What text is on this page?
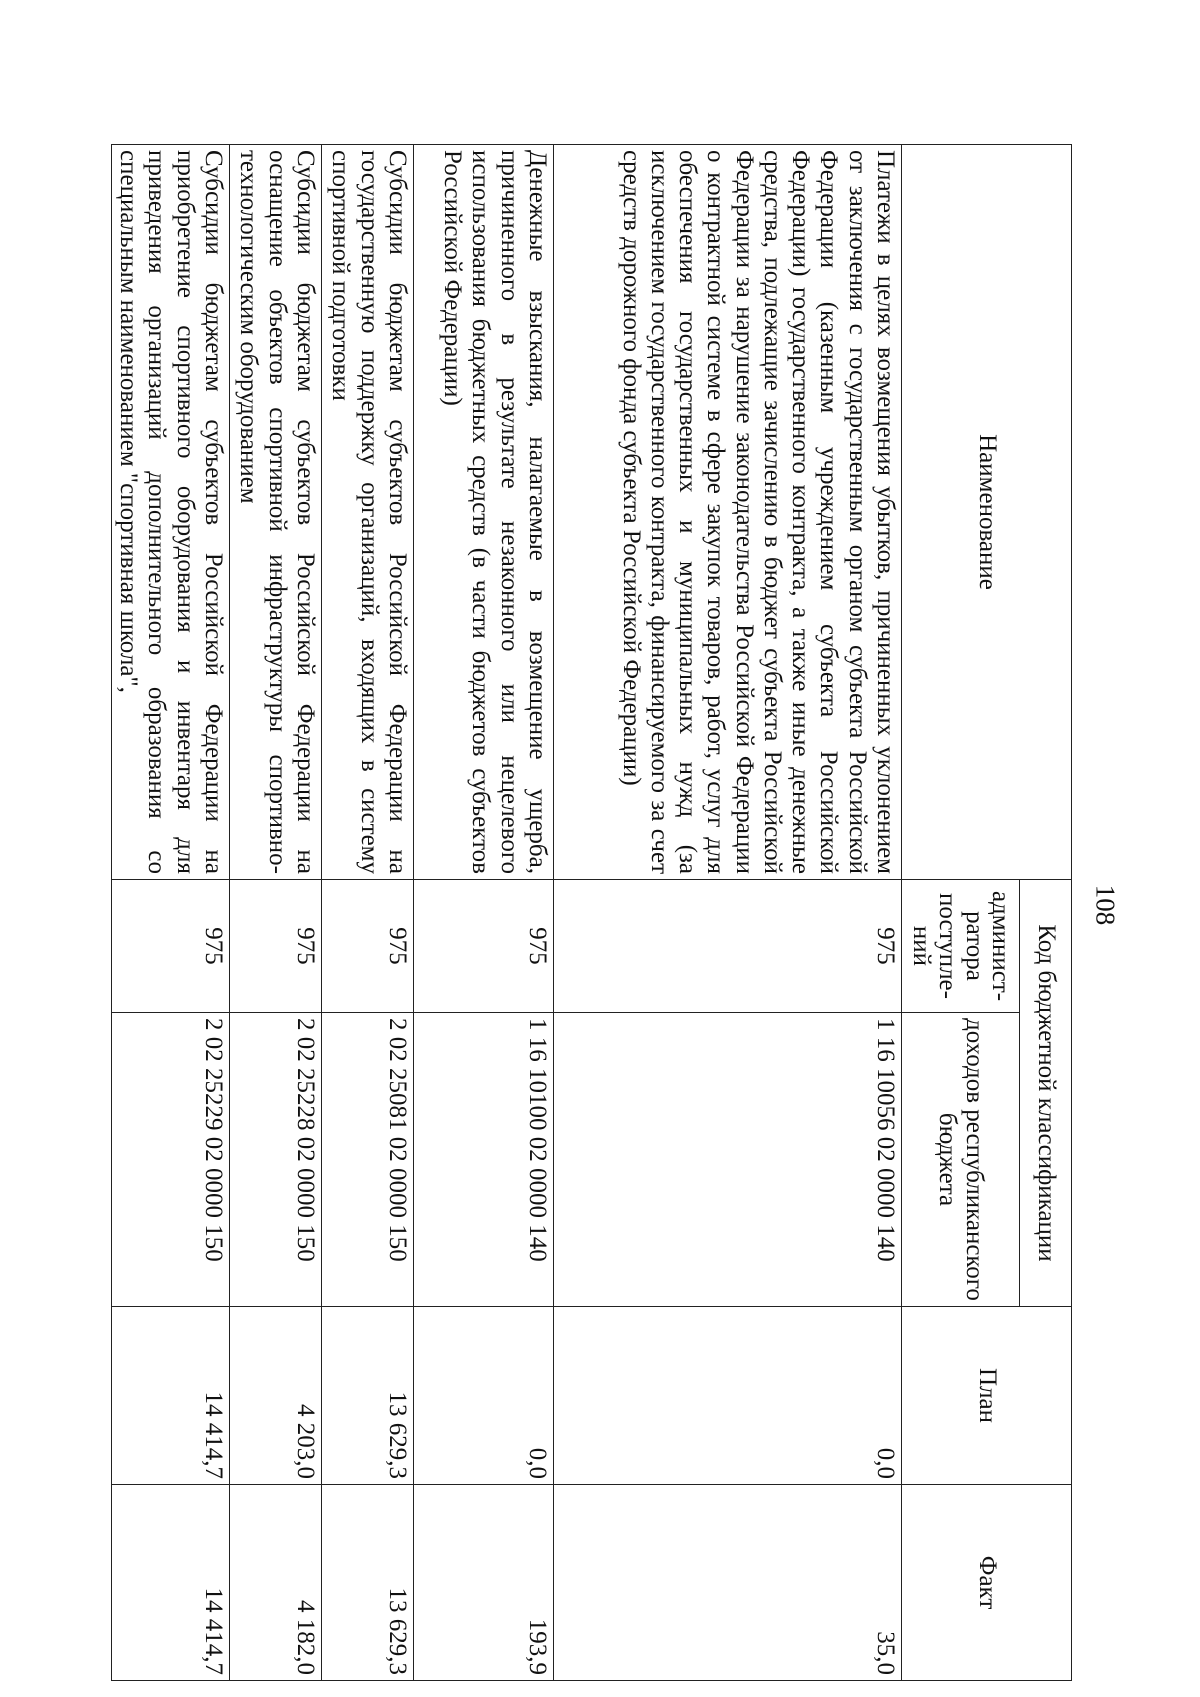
108
Наименование	Код бюджетной классификации		План	Факт
	админист-ратора поступле-ний	доходов республиканского бюджета		
Платежи в целях возмещения убытков, причиненных уклонением от заключения с государственным органом субъекта Российской Федерации (казенным учреждением субъекта Российской Федерации) государственного контракта, а также иные денежные средства, подлежащие зачислению в бюджет субъекта Российской Федерации за нарушение законодательства Российской Федерации о контрактной системе в сфере закупок товаров, работ, услуг для обеспечения государственных и муниципальных нужд (за исключением государственного контракта, финансируемого за счет средств дорожного фонда субъекта Российской Федерации)	975	1 16 10056 02 0000 140	0,0	35,0
Денежные взыскания, налагаемые в возмещение ущерба, причиненного в результате незаконного или нецелевого использования бюджетных средств (в части бюджетов субъектов Российской Федерации)	975	1 16 10100 02 0000 140	0,0	193,9
Субсидии бюджетам субъектов Российской Федерации на государственную поддержку организаций, входящих в систему спортивной подготовки	975	2 02 25081 02 0000 150	13 629,3	13 629,3
Субсидии бюджетам субъектов Российской Федерации на оснащение объектов спортивной инфраструктуры спортивно-технологическим оборудованием	975	2 02 25228 02 0000 150	4 203,0	4 182,0
Субсидии бюджетам субъектов Российской Федерации на приобретение спортивного оборудования и инвентаря для приведения организаций дополнительного образования со специальным наименованием "спортивная школа",	975	2 02 25229 02 0000 150	14 414,7	14 414,7
